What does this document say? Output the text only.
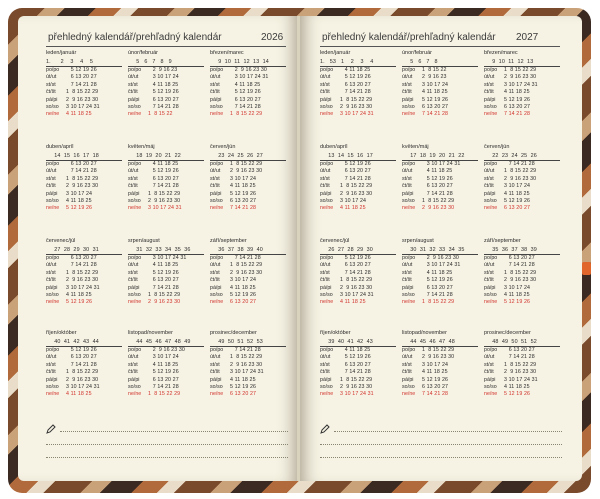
přehledný kalendář/prehľadný kalendár	2026
leden/január
1.      2    3    4    5
po/po	5 12 19 26
út/ut	6 13 20 27
st/st	7 14 21 28
čt/št	1  8 15 22 29
pá/pi	2  9 16 23 30
so/so	3 10 17 24 31
ne/ne	4 11 18 25
únor/február
5   6   7   8   9
po/po	2  9 16 23
út/ut	3 10 17 24
st/st	4 11 18 25
čt/št	5 12 19 26
pá/pi	6 13 20 27
so/so	7 14 21 28
ne/ne	1  8 15 22
březen/marec
9  10  11  12  13  14
po/po	2  9 16 23 30
út/ut	3 10 17 24 31
st/st	4 11 18 25
čt/št	5 12 19 26
pá/pi	6 13 20 27
so/so	7 14 21 28
ne/ne	1  8 15 22 29
duben/apríl
14  15  16  17  18
po/po	6 13 20 27
út/ut	7 14 21 28
st/st	1  8 15 22 29
čt/št	2  9 16 23 30
pá/pi	3 10 17 24
so/so	4 11 18 25
ne/ne	5 12 19 26
květen/máj
18  19  20  21  22
po/po	4 11 18 25
út/ut	5 12 19 26
st/st	6 13 20 27
čt/št	7 14 21 28
pá/pi	1  8 15 22 29
so/so	2  9 16 23 30
ne/ne	3 10 17 24 31
červen/jún
23  24  25  26  27
po/po	1  8 15 22 29
út/ut	2  9 16 23 30
st/st	3 10 17 24
čt/št	4 11 18 25
pá/pi	5 12 19 26
so/so	6 13 20 27
ne/ne	7 14 21 28
červenec/júl
27  28  29  30  31
po/po	6 13 20 27
út/ut	7 14 21 28
st/st	1  8 15 22 29
čt/št	2  9 16 23 30
pá/pi	3 10 17 24 31
so/so	4 11 18 25
ne/ne	5 12 19 26
srpen/august
31  32  33  34  35  36
po/po	3 10 17 24 31
út/ut	4 11 18 25
st/st	5 12 19 26
čt/št	6 13 20 27
pá/pi	7 14 21 28
so/so	1  8 15 22 29
ne/ne	2  9 16 23 30
září/september
36  37  38  39  40
po/po	7 14 21 28
út/ut	1  8 15 22 29
st/st	2  9 16 23 30
čt/št	3 10 17 24
pá/pi	4 11 18 25
so/so	5 12 19 26
ne/ne	6 13 20 27
říjen/október
40  41  42  43  44
po/po	5 12 19 26
út/ut	6 13 20 27
st/st	7 14 21 28
čt/št	1  8 15 22 29
pá/pi	2  9 16 23 30
so/so	3 10 17 24 31
ne/ne	4 11 18 25
listopad/november
44  45  46  47  48  49
po/po	2  9 16 23 30
út/ut	3 10 17 24
st/st	4 11 18 25
čt/št	5 12 19 26
pá/pi	6 13 20 27
so/so	7 14 21 28
ne/ne	1  8 15 22 29
prosinec/december
49  50  51  52  53
po/po	7 14 21 28
út/ut	1  8 15 22 29
st/st	2  9 16 23 30
čt/št	3 10 17 24 31
pá/pi	4 11 18 25
so/so	5 12 19 26
ne/ne	6 13 20 27
přehledný kalendář/prehľadný kalendár 2027
leden/január
1.   53   1    2    3    4
po/po	4 11 18 25
út/ut	5 12 19 26
st/st	6 13 20 27
čt/št	7 14 21 28
pá/pi	1  8 15 22 29
so/so	2  9 16 23 30
ne/ne	3 10 17 24 31
únor/február
5   6   7   8
po/po	1  8 15 22
út/ut	2  9 16 23
st/st	3 10 17 24
čt/št	4 11 18 25
pá/pi	5 12 19 26
so/so	6 13 20 27
ne/ne	7 14 21 28
březen/marec
9  10  11  12  13
po/po	1  8 15 22 29
út/ut	2  9 16 23 30
st/st	3 10 17 24 31
čt/št	4 11 18 25
pá/pi	5 12 19 26
so/so	6 13 20 27
ne/ne	7 14 21 28
duben/apríl
13  14  15  16  17
po/po	5 12 19 26
út/ut	6 13 20 27
st/st	7 14 21 28
čt/št	1  8 15 22 29
pá/pi	2  9 16 23 30
so/so	3 10 17 24
ne/ne	4 11 18 25
květen/máj
17  18  19  20  21  22
po/po	3 10 17 24 31
út/ut	4 11 18 25
st/st	5 12 19 26
čt/št	6 13 20 27
pá/pi	7 14 21 28
so/so	1  8 15 22 29
ne/ne	2  9 16 23 30
červen/jún
22  23  24  25  26
po/po	7 14 21 28
út/ut	1  8 15 22 29
st/st	2  9 16 23 30
čt/št	3 10 17 24
pá/pi	4 11 18 25
so/so	5 12 19 26
ne/ne	6 13 20 27
červenec/júl
26  27  28  29  30
po/po	5 12 19 26
út/ut	6 13 20 27
st/st	7 14 21 28
čt/št	1  8 15 22 29
pá/pi	2  9 16 23 30
so/so	3 10 17 24 31
ne/ne	4 11 18 25
srpen/august
30  31  32  33  34  35
po/po	2  9 16 23 30
út/ut	3 10 17 24 31
st/st	4 11 18 25
čt/št	5 12 19 26
pá/pi	6 13 20 27
so/so	7 14 21 28
ne/ne	1  8 15 22 29
září/september
35  36  37  38  39
po/po	6 13 20 27
út/ut	7 14 21 28
st/st	1  8 15 22 29
čt/št	2  9 16 23 30
pá/pi	3 10 17 24
so/so	4 11 18 25
ne/ne	5 12 19 26
říjen/október
39  40  41  42  43
po/po	4 11 18 25
út/ut	5 12 19 26
st/st	6 13 20 27
čt/št	7 14 21 28
pá/pi	1  8 15 22 29
so/so	2  9 16 23 30
ne/ne	3 10 17 24 31
listopad/november
44  45  46  47  48
po/po	1  8 15 22 29
út/ut	2  9 16 23 30
st/st	3 10 17 24
čt/št	4 11 18 25
pá/pi	5 12 19 26
so/so	6 13 20 27
ne/ne	7 14 21 28
prosinec/december
48  49  50  51  52
po/po	6 13 20 27
út/ut	7 14 21 28
st/st	1  8 15 22 29
čt/št	2  9 16 23 30
pá/pi	3 10 17 24 31
so/so	4 11 18 25
ne/ne	5 12 19 26
